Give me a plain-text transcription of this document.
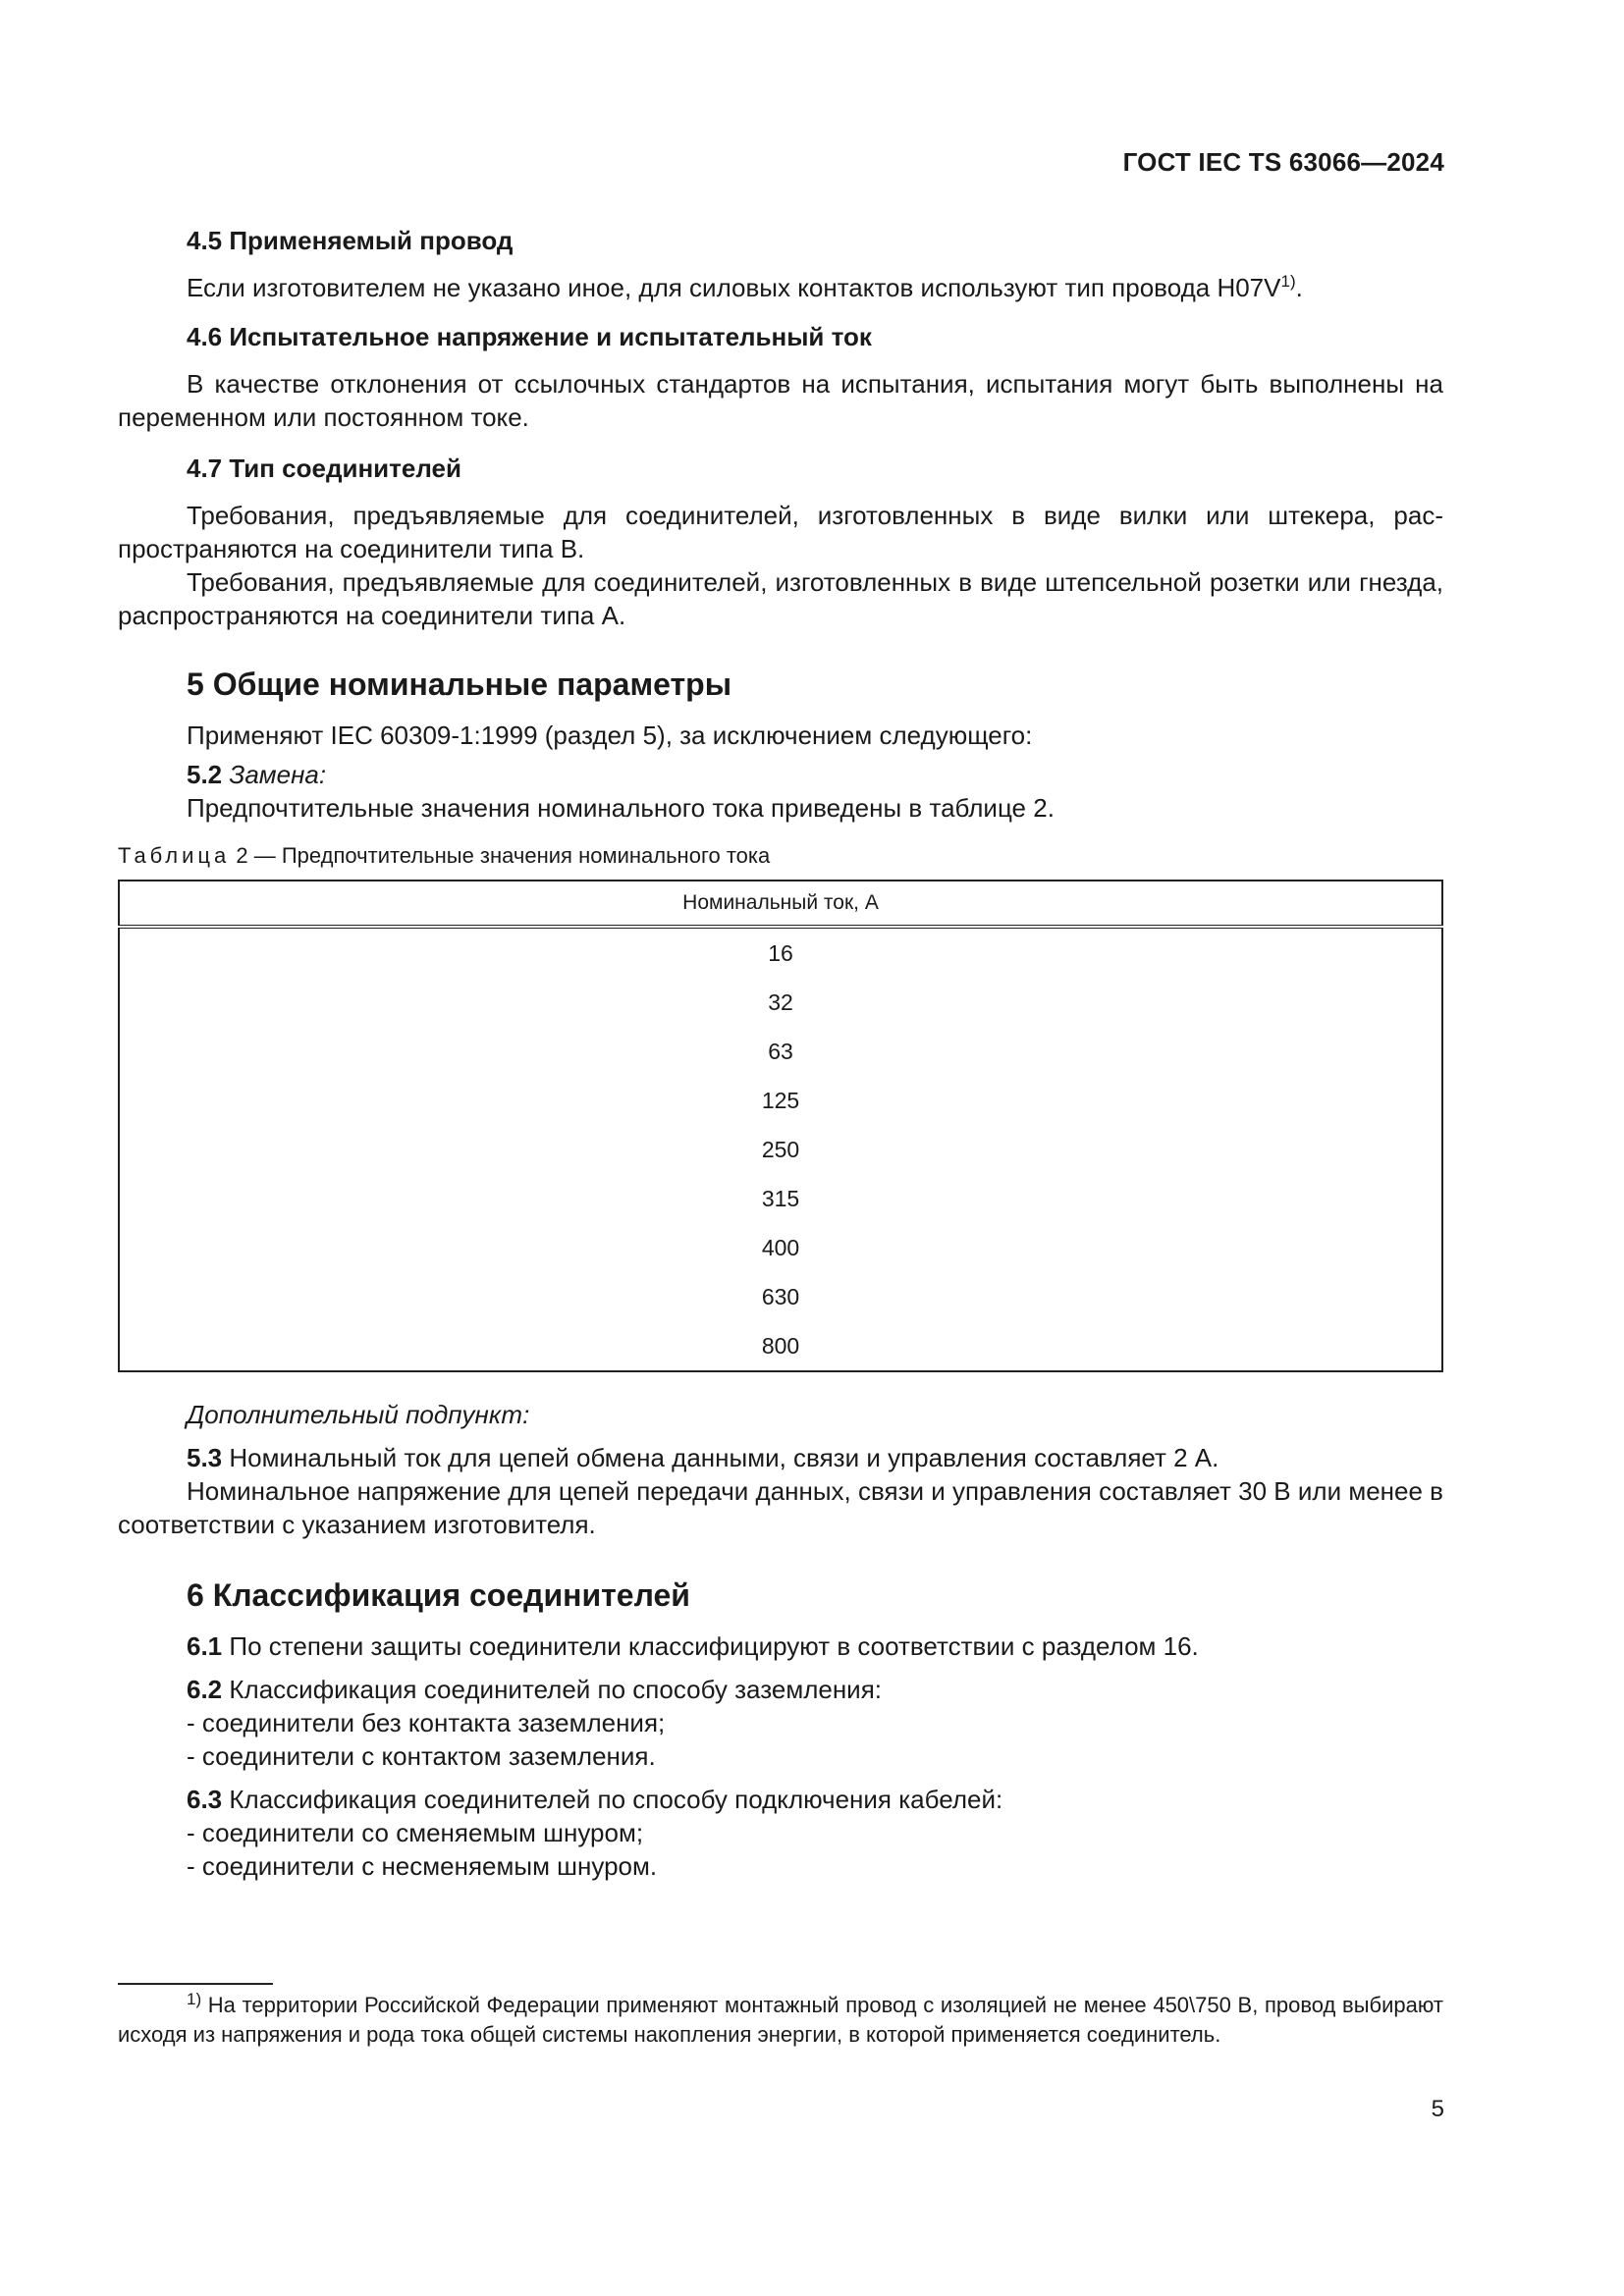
ГОСТ IEC TS 63066—2024
4.5 Применяемый провод
Если изготовителем не указано иное, для силовых контактов используют тип провода $H07V^{1)}$.
4.6 Испытательное напряжение и испытательный ток
В качестве отклонения от ссылочных стандартов на испытания, испытания могут быть выполнены на переменном или постоянном токе.
4.7 Тип соединителей
Требования, предъявляемые для соединителей, изготовленных в виде вилки или штекера, распространяются на соединители типа B.
Требования, предъявляемые для соединителей, изготовленных в виде штепсельной розетки или гнезда, распространяются на соединители типа A.
5 Общие номинальные параметры
Применяют IEC 60309-1:1999 (раздел 5), за исключением следующего:
5.2 Замена:
Предпочтительные значения номинального тока приведены в таблице 2.
Таблица 2 — Предпочтительные значения номинального тока
Номинальный ток, A
16
32
63
125
250
315
400
630
800
Дополнительный подпункт:
5.3 Номинальный ток для цепей обмена данными, связи и управления составляет 2 A.
Номинальное напряжение для цепей передачи данных, связи и управления составляет 30 В или менее в соответствии с указанием изготовителя.
6 Классификация соединителей
6.1 По степени защиты соединители классифицируют в соответствии с разделом 16.
6.2 Классификация соединителей по способу заземления:
- соединители без контакта заземления;
- соединители с контактом заземления.
6.3 Классификация соединителей по способу подключения кабелей:
- соединители со сменяемым шнуром;
- соединители с несменяемым шнуром.
$^{1)}$ На территории Российской Федерации применяют монтажный провод с изоляцией не менее 450\750 В, провод выбирают исходя из напряжения и рода тока общей системы накопления энергии, в которой применяется соединитель.
5
